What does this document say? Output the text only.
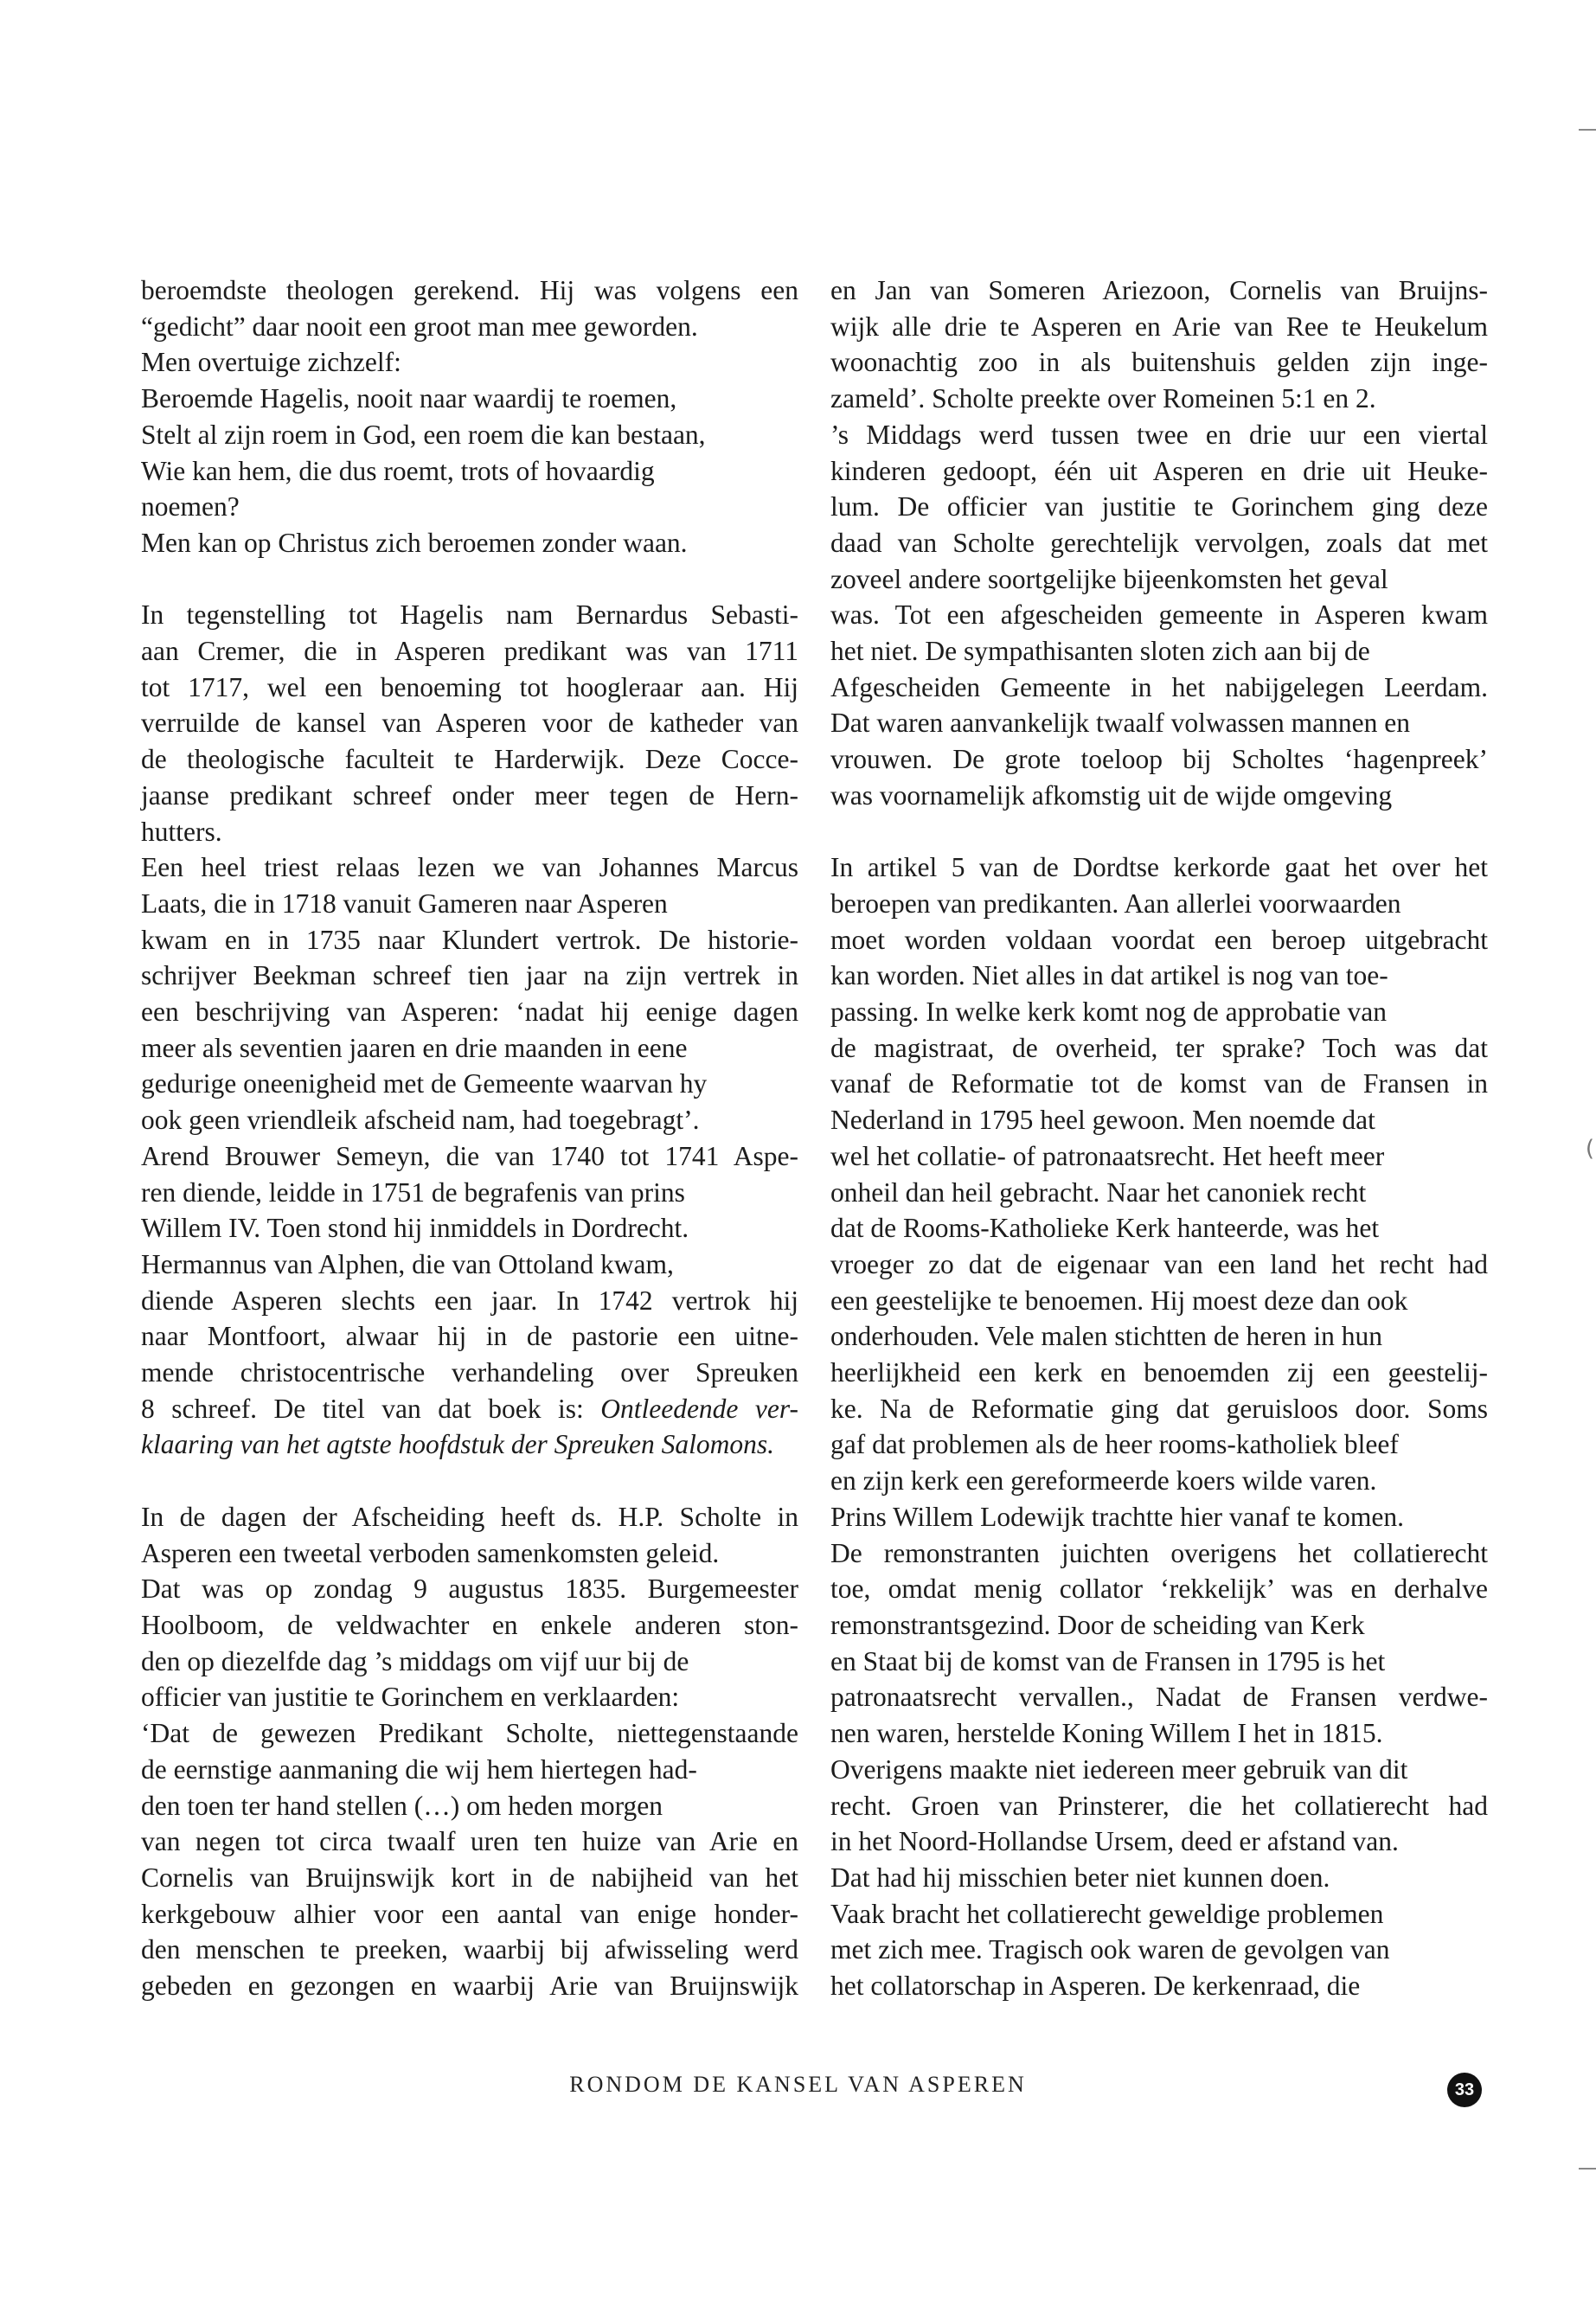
beroemdste theologen gerekend. Hij was volgens een
“gedicht” daar nooit een groot man mee geworden.
Men overtuige zichzelf:
Beroemde Hagelis, nooit naar waardij te roemen,
Stelt al zijn roem in God, een roem die kan bestaan,
Wie kan hem, die dus roemt, trots of hovaardig
noemen?
Men kan op Christus zich beroemen zonder waan.
In tegenstelling tot Hagelis nam Bernardus Sebasti-
aan Cremer, die in Asperen predikant was van 1711
tot 1717, wel een benoeming tot hoogleraar aan. Hij
verruilde de kansel van Asperen voor de katheder van
de theologische faculteit te Harderwijk. Deze Cocce-
jaanse predikant schreef onder meer tegen de Hern-
hutters.
Een heel triest relaas lezen we van Johannes Marcus
Laats, die in 1718 vanuit Gameren naar Asperen
kwam en in 1735 naar Klundert vertrok. De historie-
schrijver Beekman schreef tien jaar na zijn vertrek in
een beschrijving van Asperen: ‘nadat hij eenige dagen
meer als seventien jaaren en drie maanden in eene
gedurige oneenigheid met de Gemeente waarvan hy
ook geen vriendleik afscheid nam, had toegebragt’.
Arend Brouwer Semeyn, die van 1740 tot 1741 Aspe-
ren diende, leidde in 1751 de begrafenis van prins
Willem IV. Toen stond hij inmiddels in Dordrecht.
Hermannus van Alphen, die van Ottoland kwam,
diende Asperen slechts een jaar. In 1742 vertrok hij
naar Montfoort, alwaar hij in de pastorie een uitne-
mende christocentrische verhandeling over Spreuken
8 schreef. De titel van dat boek is: Ontleedende ver-
klaaring van het agtste hoofdstuk der Spreuken Salomons.
In de dagen der Afscheiding heeft ds. H.P. Scholte in
Asperen een tweetal verboden samenkomsten geleid.
Dat was op zondag 9 augustus 1835. Burgemeester
Hoolboom, de veldwachter en enkele anderen ston-
den op diezelfde dag ’s middags om vijf uur bij de
officier van justitie te Gorinchem en verklaarden:
‘Dat de gewezen Predikant Scholte, niettegenstaande
de eernstige aanmaning die wij hem hiertegen had-
den toen ter hand stellen (…) om heden morgen
van negen tot circa twaalf uren ten huize van Arie en
Cornelis van Bruijnswijk kort in de nabijheid van het
kerkgebouw alhier voor een aantal van enige honder-
den menschen te preeken, waarbij bij afwisseling werd
gebeden en gezongen en waarbij Arie van Bruijnswijk
en Jan van Someren Ariezoon, Cornelis van Bruijns-
wijk alle drie te Asperen en Arie van Ree te Heukelum
woonachtig zoo in als buitenshuis gelden zijn inge-
zameld’. Scholte preekte over Romeinen 5:1 en 2.
’s Middags werd tussen twee en drie uur een viertal
kinderen gedoopt, één uit Asperen en drie uit Heuke-
lum. De officier van justitie te Gorinchem ging deze
daad van Scholte gerechtelijk vervolgen, zoals dat met
zoveel andere soortgelijke bijeenkomsten het geval
was. Tot een afgescheiden gemeente in Asperen kwam
het niet. De sympathisanten sloten zich aan bij de
Afgescheiden Gemeente in het nabijgelegen Leerdam.
Dat waren aanvankelijk twaalf volwassen mannen en
vrouwen. De grote toeloop bij Scholtes ‘hagenpreek’
was voornamelijk afkomstig uit de wijde omgeving
In artikel 5 van de Dordtse kerkorde gaat het over het
beroepen van predikanten. Aan allerlei voorwaarden
moet worden voldaan voordat een beroep uitgebracht
kan worden. Niet alles in dat artikel is nog van toe-
passing. In welke kerk komt nog de approbatie van
de magistraat, de overheid, ter sprake? Toch was dat
vanaf de Reformatie tot de komst van de Fransen in
Nederland in 1795 heel gewoon. Men noemde dat
wel het collatie- of patronaatsrecht. Het heeft meer
onheil dan heil gebracht. Naar het canoniek recht
dat de Rooms-Katholieke Kerk hanteerde, was het
vroeger zo dat de eigenaar van een land het recht had
een geestelijke te benoemen. Hij moest deze dan ook
onderhouden. Vele malen stichtten de heren in hun
heerlijkheid een kerk en benoemden zij een geestelij-
ke. Na de Reformatie ging dat geruisloos door. Soms
gaf dat problemen als de heer rooms-katholiek bleef
en zijn kerk een gereformeerde koers wilde varen.
Prins Willem Lodewijk trachtte hier vanaf te komen.
De remonstranten juichten overigens het collatierecht
toe, omdat menig collator ‘rekkelijk’ was en derhalve
remonstrantsgezind. Door de scheiding van Kerk
en Staat bij de komst van de Fransen in 1795 is het
patronaatsrecht vervallen., Nadat de Fransen verdwe-
nen waren, herstelde Koning Willem I het in 1815.
Overigens maakte niet iedereen meer gebruik van dit
recht. Groen van Prinsterer, die het collatierecht had
in het Noord-Hollandse Ursem, deed er afstand van.
Dat had hij misschien beter niet kunnen doen.
Vaak bracht het collatierecht geweldige problemen
met zich mee. Tragisch ook waren de gevolgen van
het collatorschap in Asperen. De kerkenraad, die
RONDOM DE KANSEL VAN ASPEREN	33
(
